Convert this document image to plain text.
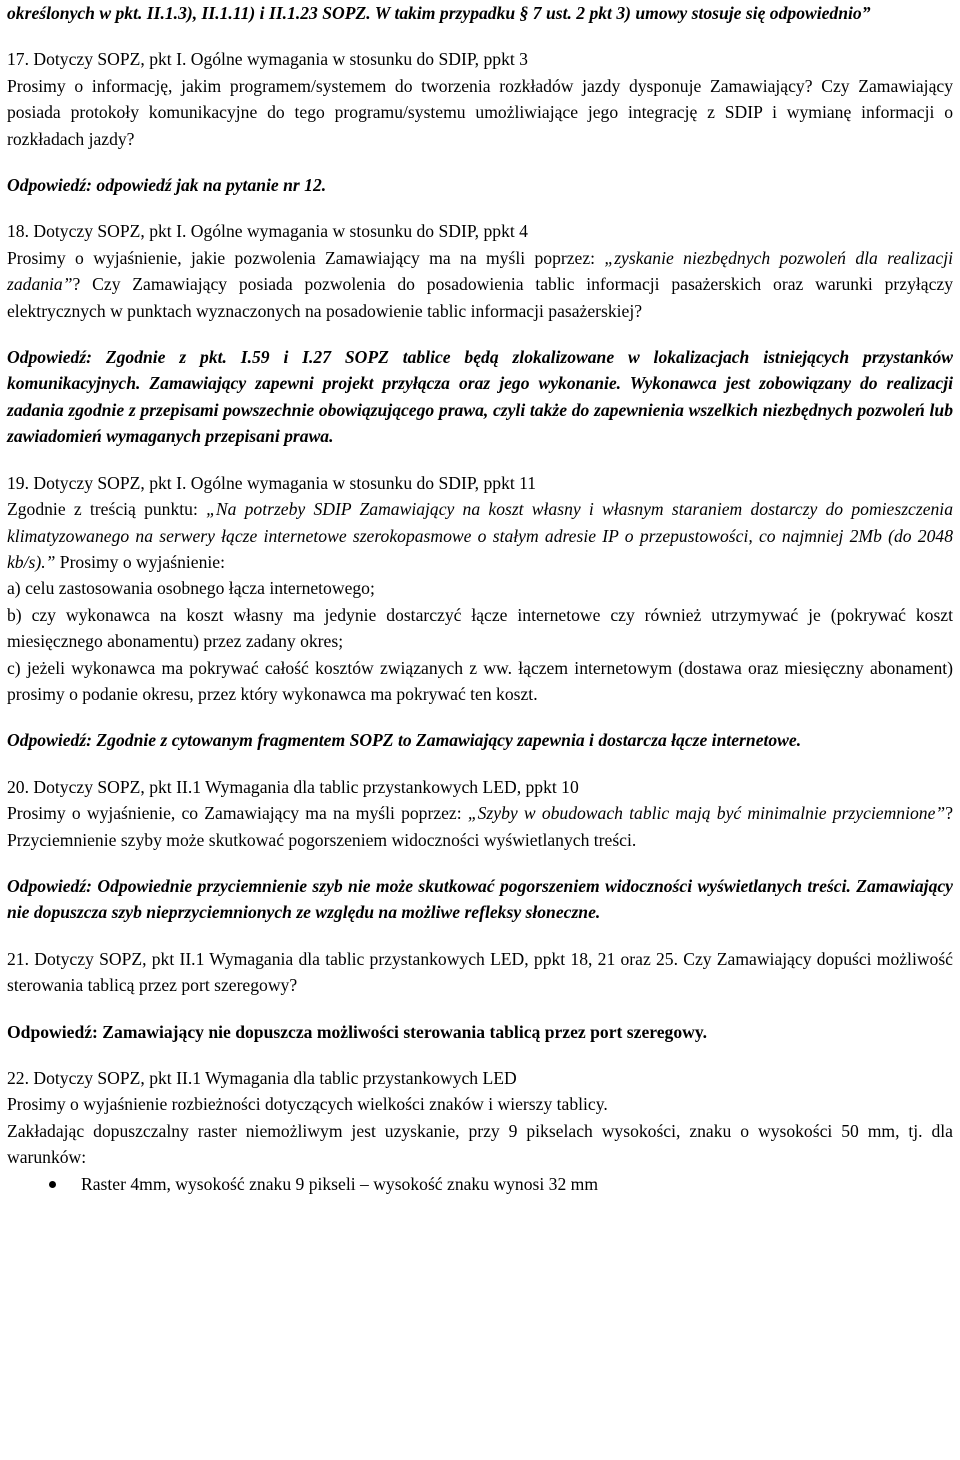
określonych w pkt. II.1.3), II.1.11) i II.1.23 SOPZ. W takim przypadku § 7 ust. 2 pkt 3) umowy stosuje się odpowiednio”

17. Dotyczy SOPZ, pkt I. Ogólne wymagania w stosunku do SDIP, ppkt 3

Prosimy o informację, jakim programem/systemem do tworzenia rozkładów jazdy dysponuje Zamawiający? Czy Zamawiający posiada protokoły komunikacyjne do tego programu/systemu umożliwiające jego integrację z SDIP i wymianę informacji o rozkładach jazdy?

Odpowiedź: odpowiedź jak na pytanie nr 12.

18. Dotyczy SOPZ, pkt I. Ogólne wymagania w stosunku do SDIP, ppkt 4

Prosimy o wyjaśnienie, jakie pozwolenia Zamawiający ma na myśli poprzez: „zyskanie niezbędnych pozwoleń dla realizacji zadania”? Czy Zamawiający posiada pozwolenia do posadowienia tablic informacji pasażerskich oraz warunki przyłączy elektrycznych w punktach wyznaczonych na posadowienie tablic informacji pasażerskiej?

Odpowiedź: Zgodnie z pkt. I.59 i I.27 SOPZ tablice będą zlokalizowane w lokalizacjach istniejących przystanków komunikacyjnych. Zamawiający zapewni projekt przyłącza oraz jego wykonanie. Wykonawca jest zobowiązany do realizacji zadania zgodnie z przepisami powszechnie obowiązującego prawa, czyli także do zapewnienia wszelkich niezbędnych pozwoleń lub zawiadomień wymaganych przepisani prawa.

19. Dotyczy SOPZ, pkt I. Ogólne wymagania w stosunku do SDIP, ppkt 11

Zgodnie z treścią punktu: „Na potrzeby SDIP Zamawiający na koszt własny i własnym staraniem dostarczy do pomieszczenia klimatyzowanego na serwery łącze internetowe szerokopasmowe o stałym adresie IP o przepustowości, co najmniej 2Mb (do 2048 kb/s).” Prosimy o wyjaśnienie:

a) celu zastosowania osobnego łącza internetowego;

b) czy wykonawca na koszt własny ma jedynie dostarczyć łącze internetowe czy również utrzymywać je (pokrywać koszt miesięcznego abonamentu) przez zadany okres;

c) jeżeli wykonawca ma pokrywać całość kosztów związanych z ww. łączem internetowym (dostawa oraz miesięczny abonament) prosimy o podanie okresu, przez który wykonawca ma pokrywać ten koszt.

Odpowiedź: Zgodnie z cytowanym fragmentem SOPZ to Zamawiający zapewnia i dostarcza łącze internetowe.

20. Dotyczy SOPZ, pkt II.1 Wymagania dla tablic przystankowych LED, ppkt 10

Prosimy o wyjaśnienie, co Zamawiający ma na myśli poprzez: „Szyby w obudowach tablic mają być minimalnie przyciemnione”? Przyciemnienie szyby może skutkować pogorszeniem widoczności wyświetlanych treści.

Odpowiedź: Odpowiednie przyciemnienie szyb nie może skutkować pogorszeniem widoczności wyświetlanych treści. Zamawiający nie dopuszcza szyb nieprzyciemnionych ze względu na możliwe refleksy słoneczne.

21. Dotyczy SOPZ, pkt II.1 Wymagania dla tablic przystankowych LED, ppkt 18, 21 oraz 25. Czy Zamawiający dopuści możliwość sterowania tablicą przez port szeregowy?

Odpowiedź: Zamawiający nie dopuszcza możliwości sterowania tablicą przez port szeregowy.

22. Dotyczy SOPZ, pkt II.1 Wymagania dla tablic przystankowych LED

Prosimy o wyjaśnienie rozbieżności dotyczących wielkości znaków i wierszy tablicy.

Zakładając dopuszczalny raster niemożliwym jest uzyskanie, przy 9 pikselach wysokości, znaku o wysokości 50 mm, tj. dla warunków:

Raster 4mm, wysokość znaku 9 pikseli – wysokość znaku wynosi 32 mm
